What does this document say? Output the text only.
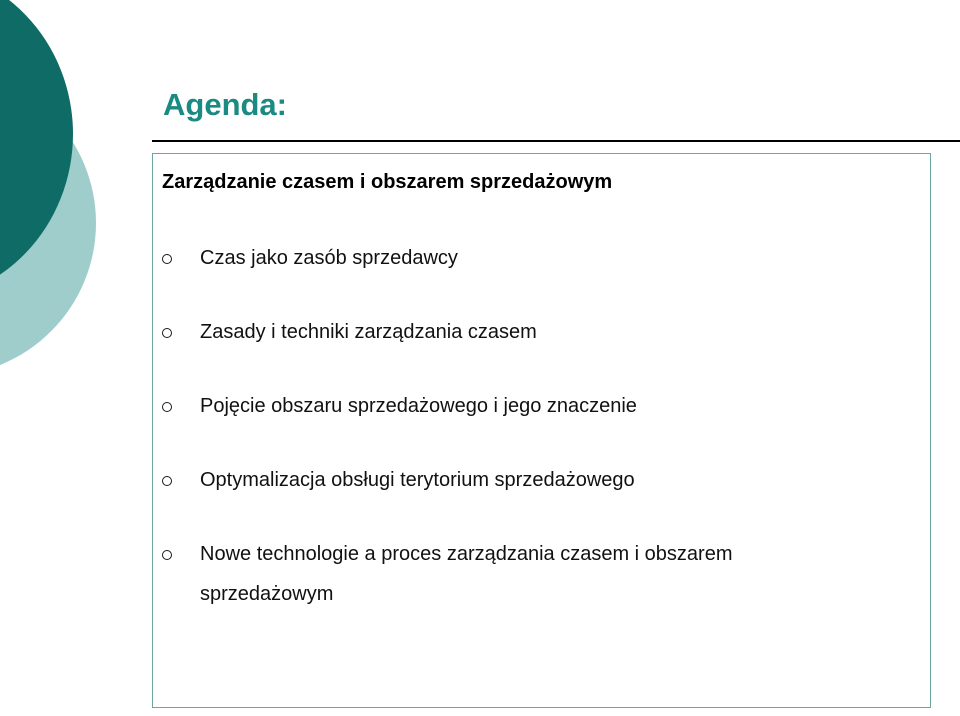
Agenda:

Zarządzanie czasem i obszarem sprzedażowym

Czas jako zasób sprzedawcy
Zasady i techniki zarządzania czasem
Pojęcie obszaru sprzedażowego i jego znaczenie
Optymalizacja obsługi terytorium sprzedażowego
Nowe technologie a proces zarządzania czasem i obszarem sprzedażowym
